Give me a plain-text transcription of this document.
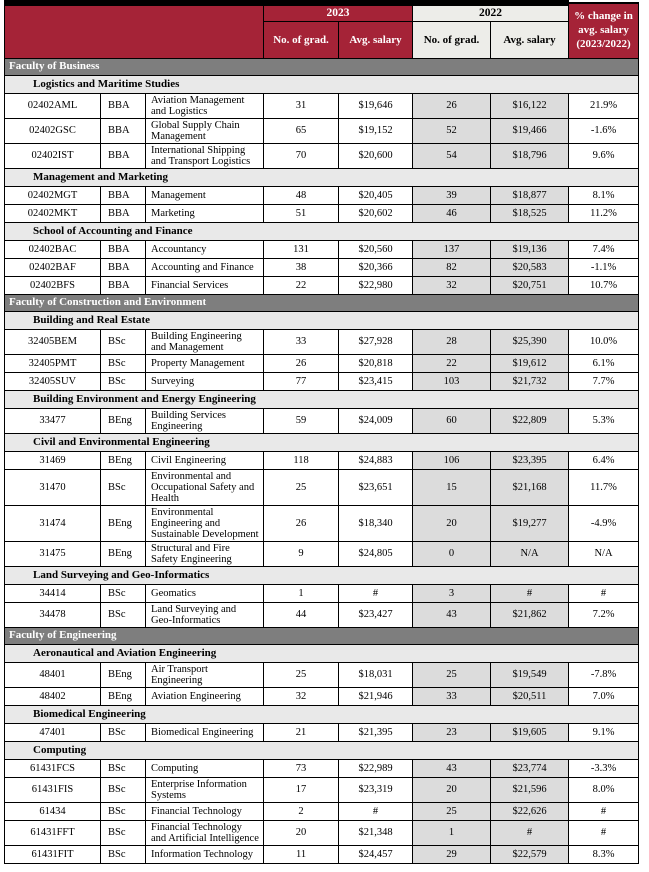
			2023		2022		% change in avg. salary (2023/2022)
			No. of grad.	Avg. salary	No. of grad.	Avg. salary	
Faculty of Business							
Logistics and Maritime Studies							
02402AML	BBA	Aviation Management and Logistics	31	$19,646	26	$16,122	21.9%
02402GSC	BBA	Global Supply Chain Management	65	$19,152	52	$19,466	-1.6%
02402IST	BBA	International Shipping and Transport Logistics	70	$20,600	54	$18,796	9.6%
Management and Marketing							
02402MGT	BBA	Management	48	$20,405	39	$18,877	8.1%
02402MKT	BBA	Marketing	51	$20,602	46	$18,525	11.2%
School of Accounting and Finance							
02402BAC	BBA	Accountancy	131	$20,560	137	$19,136	7.4%
02402BAF	BBA	Accounting and Finance	38	$20,366	82	$20,583	-1.1%
02402BFS	BBA	Financial Services	22	$22,980	32	$20,751	10.7%
Faculty of Construction and Environment							
Building and Real Estate							
32405BEM	BSc	Building Engineering and Management	33	$27,928	28	$25,390	10.0%
32405PMT	BSc	Property Management	26	$20,818	22	$19,612	6.1%
32405SUV	BSc	Surveying	77	$23,415	103	$21,732	7.7%
Building Environment and Energy Engineering							
33477	BEng	Building Services Engineering	59	$24,009	60	$22,809	5.3%
Civil and Environmental Engineering							
31469	BEng	Civil Engineering	118	$24,883	106	$23,395	6.4%
31470	BSc	Environmental and Occupational Safety and Health	25	$23,651	15	$21,168	11.7%
31474	BEng	Environmental Engineering and Sustainable Development	26	$18,340	20	$19,277	-4.9%
31475	BEng	Structural and Fire Safety Engineering	9	$24,805	0	N/A	N/A
Land Surveying and Geo-Informatics							
34414	BSc	Geomatics	1	#	3	#	#
34478	BSc	Land Surveying and Geo-Informatics	44	$23,427	43	$21,862	7.2%
Faculty of Engineering							
Aeronautical and Aviation Engineering							
48401	BEng	Air Transport Engineering	25	$18,031	25	$19,549	-7.8%
48402	BEng	Aviation Engineering	32	$21,946	33	$20,511	7.0%
Biomedical Engineering							
47401	BSc	Biomedical Engineering	21	$21,395	23	$19,605	9.1%
Computing							
61431FCS	BSc	Computing	73	$22,989	43	$23,774	-3.3%
61431FIS	BSc	Enterprise Information Systems	17	$23,319	20	$21,596	8.0%
61434	BSc	Financial Technology	2	#	25	$22,626	#
61431FFT	BSc	Financial Technology and Artificial Intelligence	20	$21,348	1	#	#
61431FIT	BSc	Information Technology	11	$24,457	29	$22,579	8.3%
